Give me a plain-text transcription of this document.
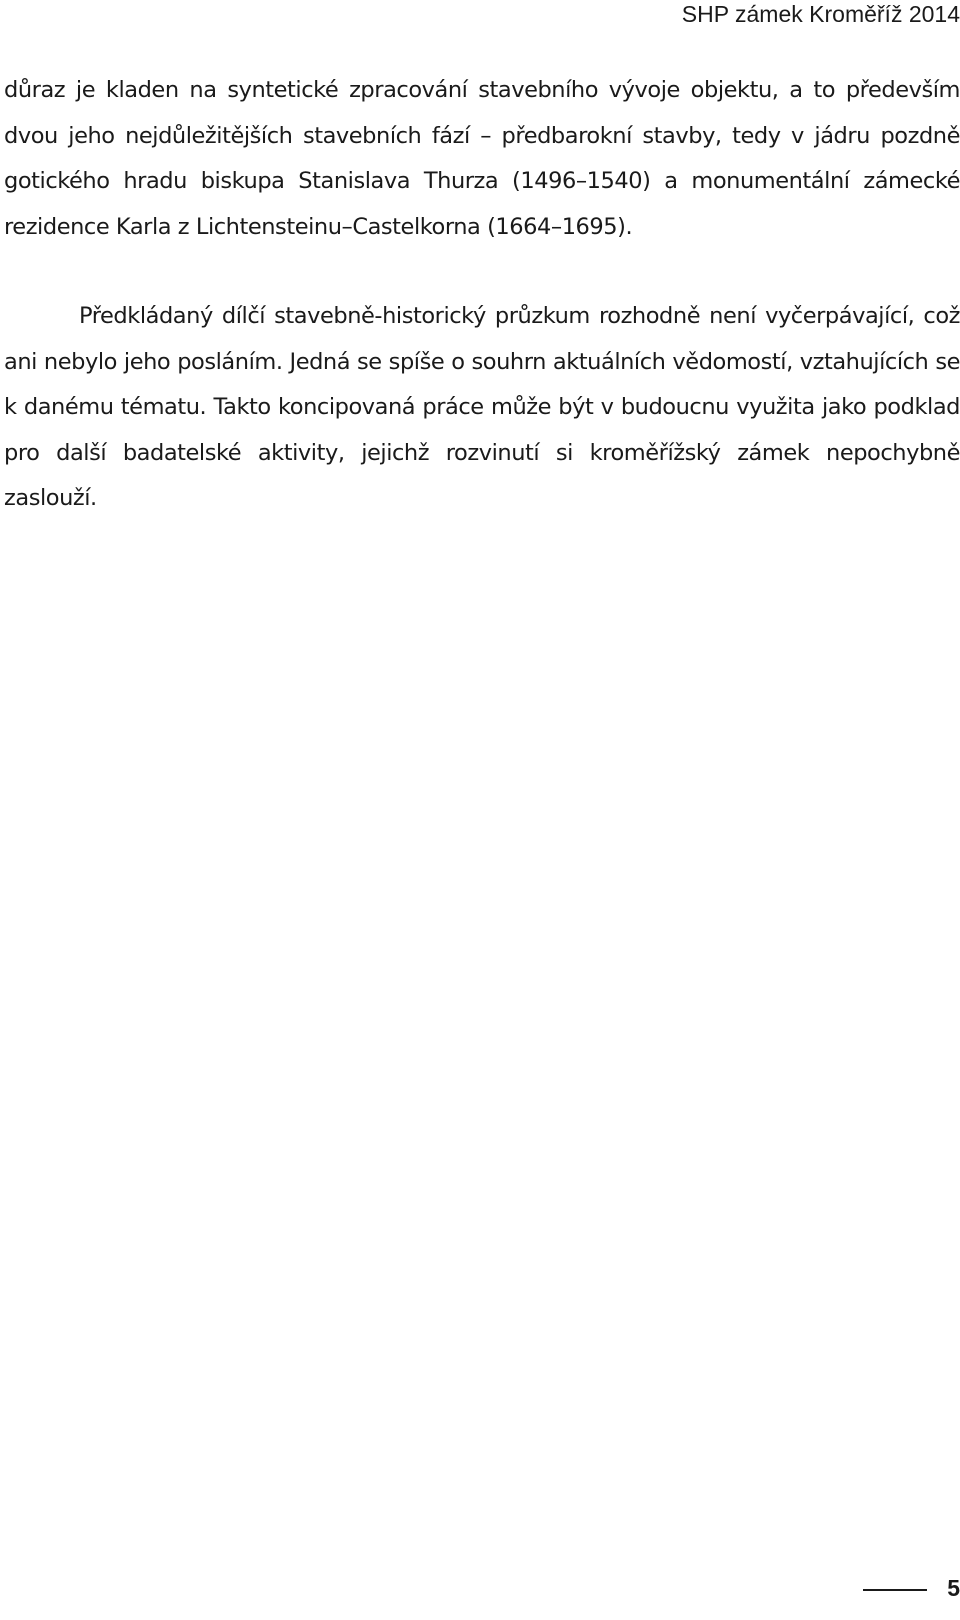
SHP zámek Kroměříž 2014

důraz je kladen na syntetické zpracování stavebního vývoje objektu, a to především dvou jeho nejdůležitějších stavebních fází – předbarokní stavby, tedy v jádru pozdně gotického hradu biskupa Stanislava Thurza (1496–1540) a monumentální zámecké rezidence Karla z Lichtensteinu–Castelkorna (1664–1695).

Předkládaný dílčí stavebně-historický průzkum rozhodně není vyčerpávající, což ani nebylo jeho posláním. Jedná se spíše o souhrn aktuálních vědomostí, vztahujících se k danému tématu. Takto koncipovaná práce může být v budoucnu využita jako podklad pro další badatelské aktivity, jejichž rozvinutí si kroměřížský zámek nepochybně zaslouží.

5
